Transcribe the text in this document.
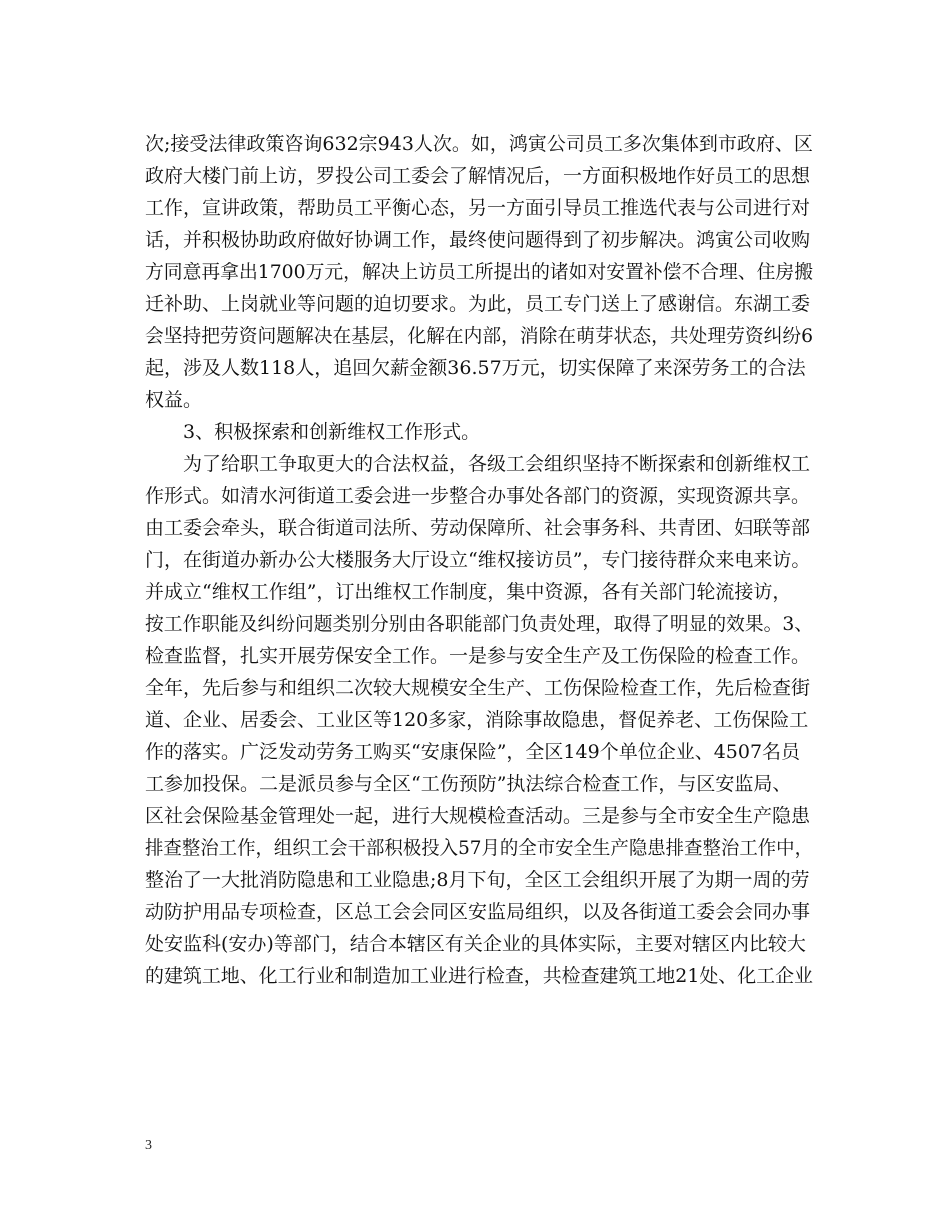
次;接受法律政策咨询632宗943人次。如，鸿寅公司员工多次集体到市政府、区
政府大楼门前上访，罗投公司工委会了解情况后，一方面积极地作好员工的思想
工作，宣讲政策，帮助员工平衡心态，另一方面引导员工推选代表与公司进行对
话，并积极协助政府做好协调工作，最终使问题得到了初步解决。鸿寅公司收购
方同意再拿出1700万元，解决上访员工所提出的诸如对安置补偿不合理、住房搬
迁补助、上岗就业等问题的迫切要求。为此，员工专门送上了感谢信。东湖工委
会坚持把劳资问题解决在基层，化解在内部，消除在萌芽状态，共处理劳资纠纷6
起，涉及人数118人，追回欠薪金额36.57万元，切实保障了来深劳务工的合法
权益。
3、积极探索和创新维权工作形式。
为了给职工争取更大的合法权益，各级工会组织坚持不断探索和创新维权工
作形式。如清水河街道工委会进一步整合办事处各部门的资源，实现资源共享。
由工委会牵头，联合街道司法所、劳动保障所、社会事务科、共青团、妇联等部
门，在街道办新办公大楼服务大厅设立“维权接访员”，专门接待群众来电来访。
并成立“维权工作组”，订出维权工作制度，集中资源，各有关部门轮流接访，
按工作职能及纠纷问题类别分别由各职能部门负责处理，取得了明显的效果。3、
检查监督，扎实开展劳保安全工作。一是参与安全生产及工伤保险的检查工作。
全年，先后参与和组织二次较大规模安全生产、工伤保险检查工作，先后检查街
道、企业、居委会、工业区等120多家，消除事故隐患，督促养老、工伤保险工
作的落实。广泛发动劳务工购买“安康保险”，全区149个单位企业、4507名员
工参加投保。二是派员参与全区“工伤预防”执法综合检查工作，与区安监局、
区社会保险基金管理处一起，进行大规模检查活动。三是参与全市安全生产隐患
排查整治工作，组织工会干部积极投入57月的全市安全生产隐患排查整治工作中，
整治了一大批消防隐患和工业隐患;8月下旬，全区工会组织开展了为期一周的劳
动防护用品专项检查，区总工会会同区安监局组织，以及各街道工委会会同办事
处安监科(安办)等部门，结合本辖区有关企业的具体实际，主要对辖区内比较大
的建筑工地、化工行业和制造加工业进行检查，共检查建筑工地21处、化工企业
3
